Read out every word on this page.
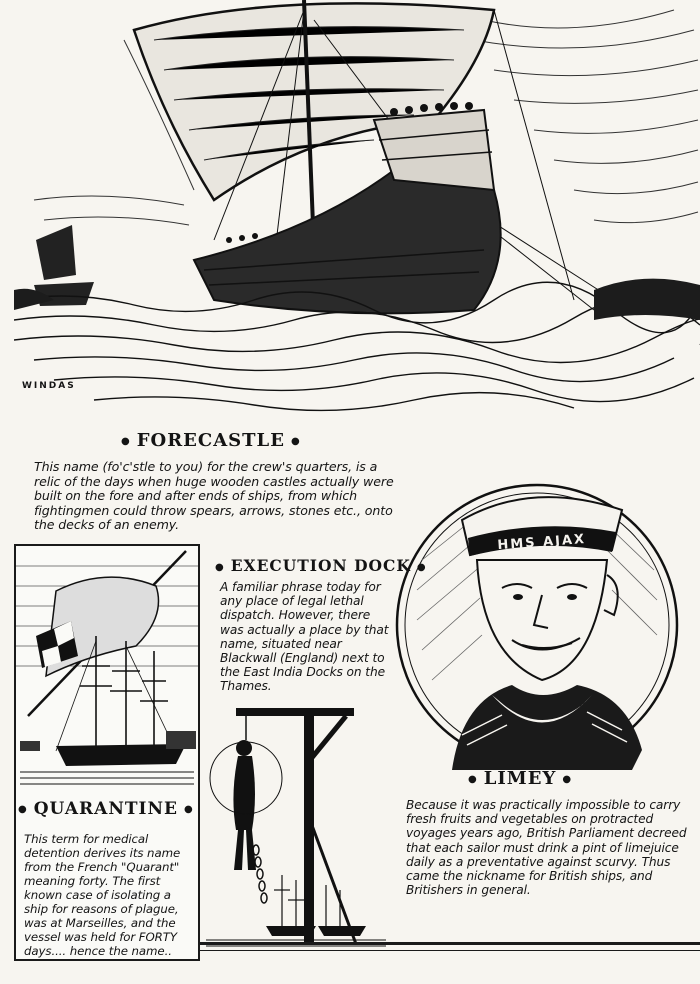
WINDAS
● FORECASTLE ●
This name (fo'c'stle to you) for the crew's quarters, is a relic of the days when huge wooden castles actually were built on the fore and after ends of ships, from which fightingmen could throw spears, arrows, stones etc., onto the decks of an enemy.
● EXECUTION DOCK ●
A familiar phrase today for any place of legal lethal dispatch. However, there was actually a place by that name, situated near Blackwall (England) next to the East India Docks on the Thames.
● QUARANTINE ●
This term for medical detention derives its name from the French "Quarant" meaning forty. The first known case of isolating a ship for reasons of plague, was at Marseilles, and the vessel was held for FORTY days.... hence the name..
HMS AJAX
● LIMEY ●
Because it was practically impossible to carry fresh fruits and vegetables on protracted voyages years ago, British Parliament decreed that each sailor must drink a pint of limejuice daily as a preventative against scurvy. Thus came the nickname for British ships, and Britishers in general.
